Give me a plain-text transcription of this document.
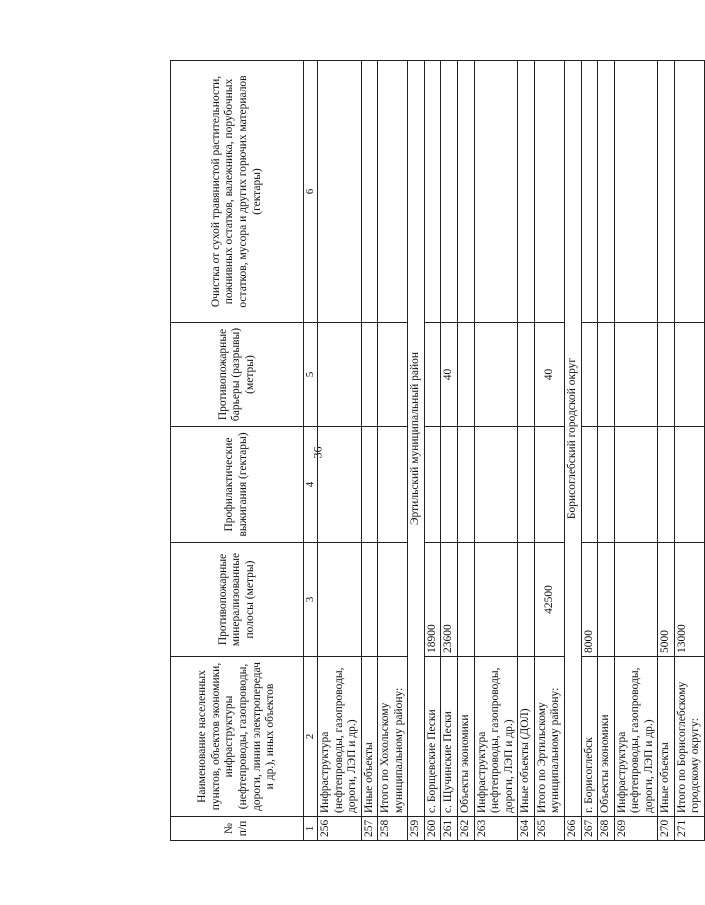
36
№ п/п	Наименование населенных пунктов, объектов экономики, инфраструктуры (нефтепроводы, газопроводы, дороги, линии электропередач и др.), иных объектов	Противопожарные минерализованные полосы (метры)	Профилактические выжигания (гектары)	Противопожарные барьеры (разрывы) (метры)	Очистка от сухой травянистой растительности, пожнивных остатков, валежника, порубочных остатков, мусора и других горючих материалов (гектары)
1	2	3	4	5	6
256	Инфраструктура (нефтепроводы, газопроводы, дороги, ЛЭП и др.)				
257	Иные объекты				
258	Итого по Хохольскому муниципальному району:				
259	Эртильский муниципальный район				
260	с. Борщевские Пески	18900			
261	с. Щучинские Пески	23600		40	
262	Объекты экономики				
263	Инфраструктура (нефтепроводы, газопроводы, дороги, ЛЭП и др.)				
264	Иные объекты (ДОЛ)				
265	Итого по Эртильскому муниципальному району:	42500		40	
266	Борисоглебский городской округ				
267	г. Борисоглебск	8000			
268	Объекты экономики				
269	Инфраструктура (нефтепроводы, газопроводы, дороги, ЛЭП и др.)				
270	Иные объекты	5000			
271	Итого по Борисоглебскому городскому округу:	13000			
